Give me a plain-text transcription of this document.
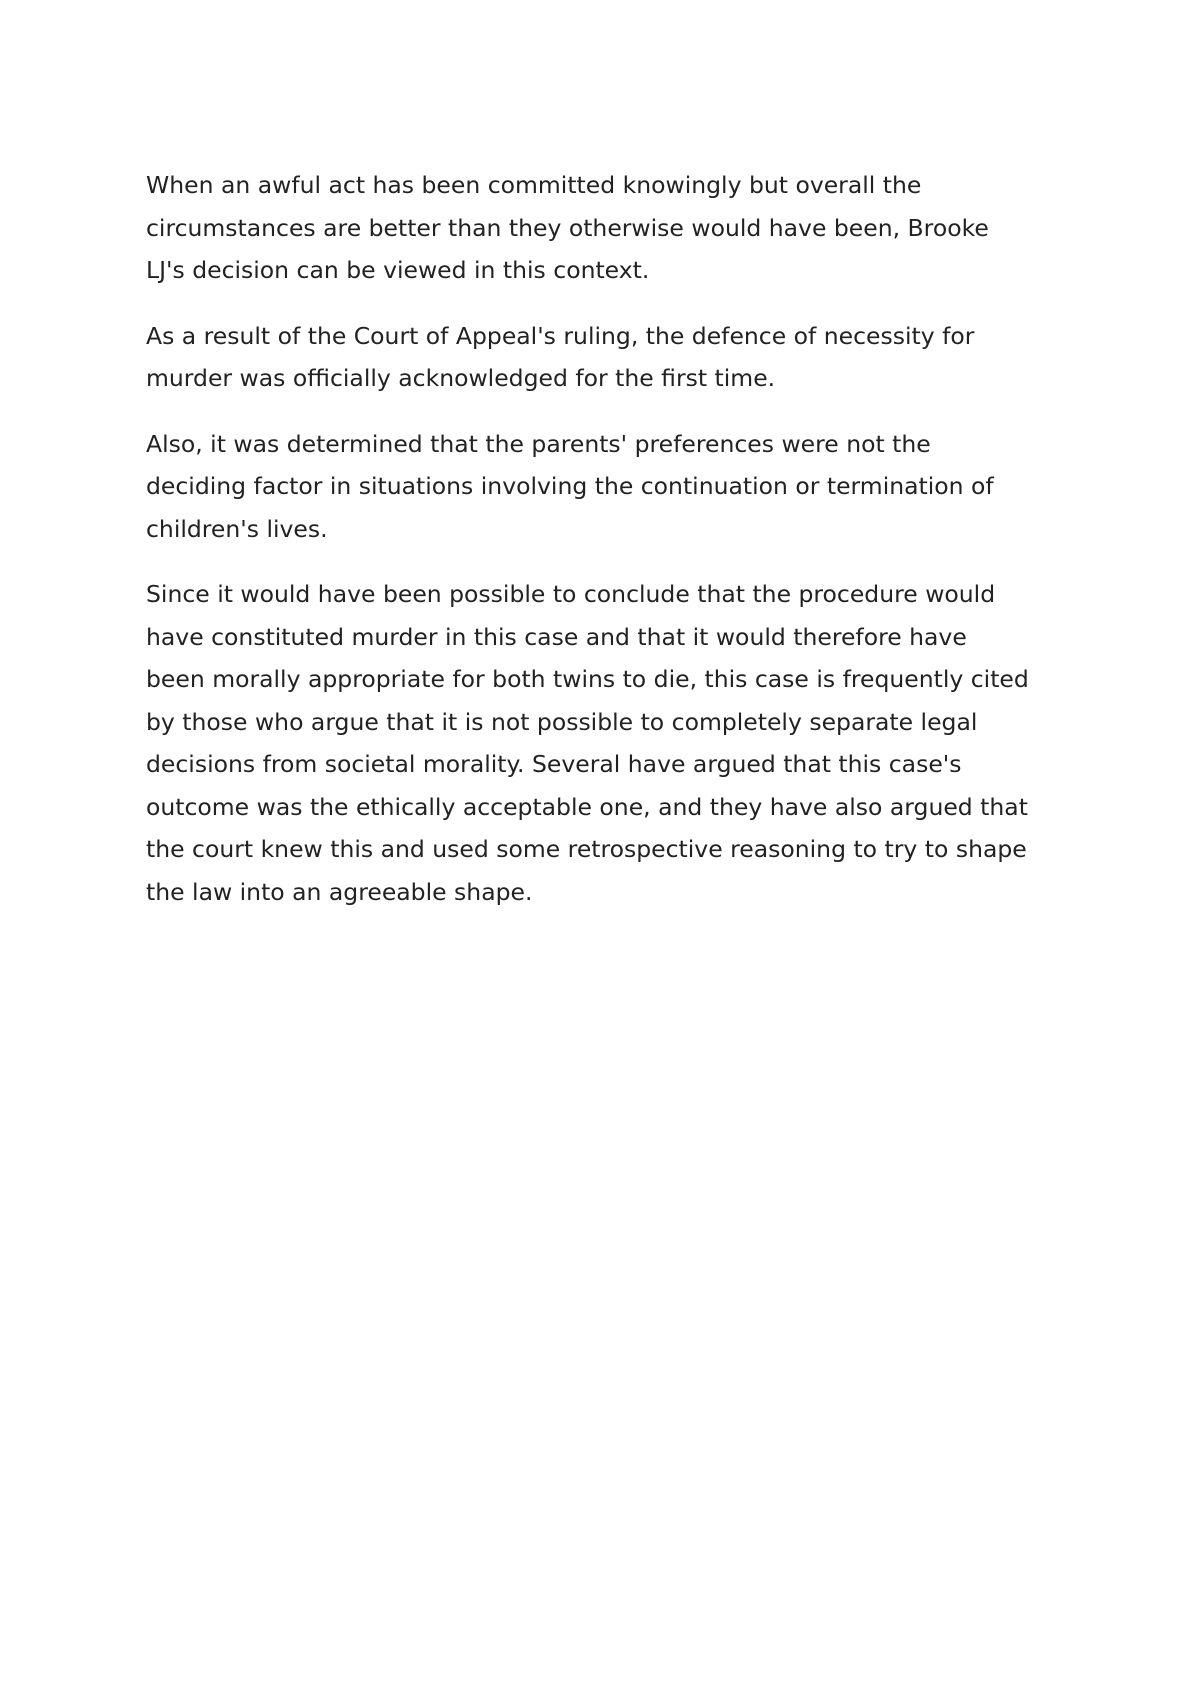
When an awful act has been committed knowingly but overall the
circumstances are better than they otherwise would have been, Brooke
LJ's decision can be viewed in this context.

As a result of the Court of Appeal's ruling, the defence of necessity for
murder was officially acknowledged for the first time.

Also, it was determined that the parents' preferences were not the
deciding factor in situations involving the continuation or termination of
children's lives.

Since it would have been possible to conclude that the procedure would
have constituted murder in this case and that it would therefore have
been morally appropriate for both twins to die, this case is frequently cited
by those who argue that it is not possible to completely separate legal
decisions from societal morality. Several have argued that this case's
outcome was the ethically acceptable one, and they have also argued that
the court knew this and used some retrospective reasoning to try to shape
the law into an agreeable shape.
